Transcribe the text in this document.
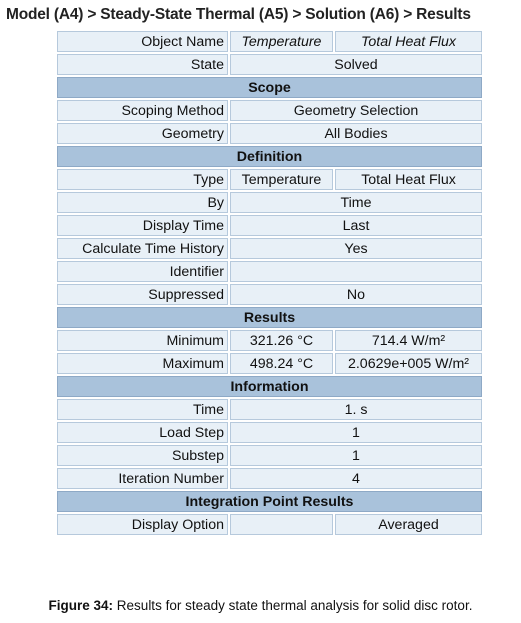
Model (A4) > Steady-State Thermal (A5) > Solution (A6) > Results
Object Name	Temperature	Total Heat Flux
State	Solved	
Scope		
Scoping Method	Geometry Selection	
Geometry	All Bodies	
Definition		
Type	Temperature	Total Heat Flux
By	Time	
Display Time	Last	
Calculate Time History	Yes	
Identifier		
Suppressed	No	
Results		
Minimum	321.26 °C	714.4 W/m²
Maximum	498.24 °C	2.0629e+005 W/m²
Information		
Time	1. s	
Load Step	1	
Substep	1	
Iteration Number	4	
Integration Point Results		
Display Option		Averaged
Figure 34: Results for steady state thermal analysis for solid disc rotor.
